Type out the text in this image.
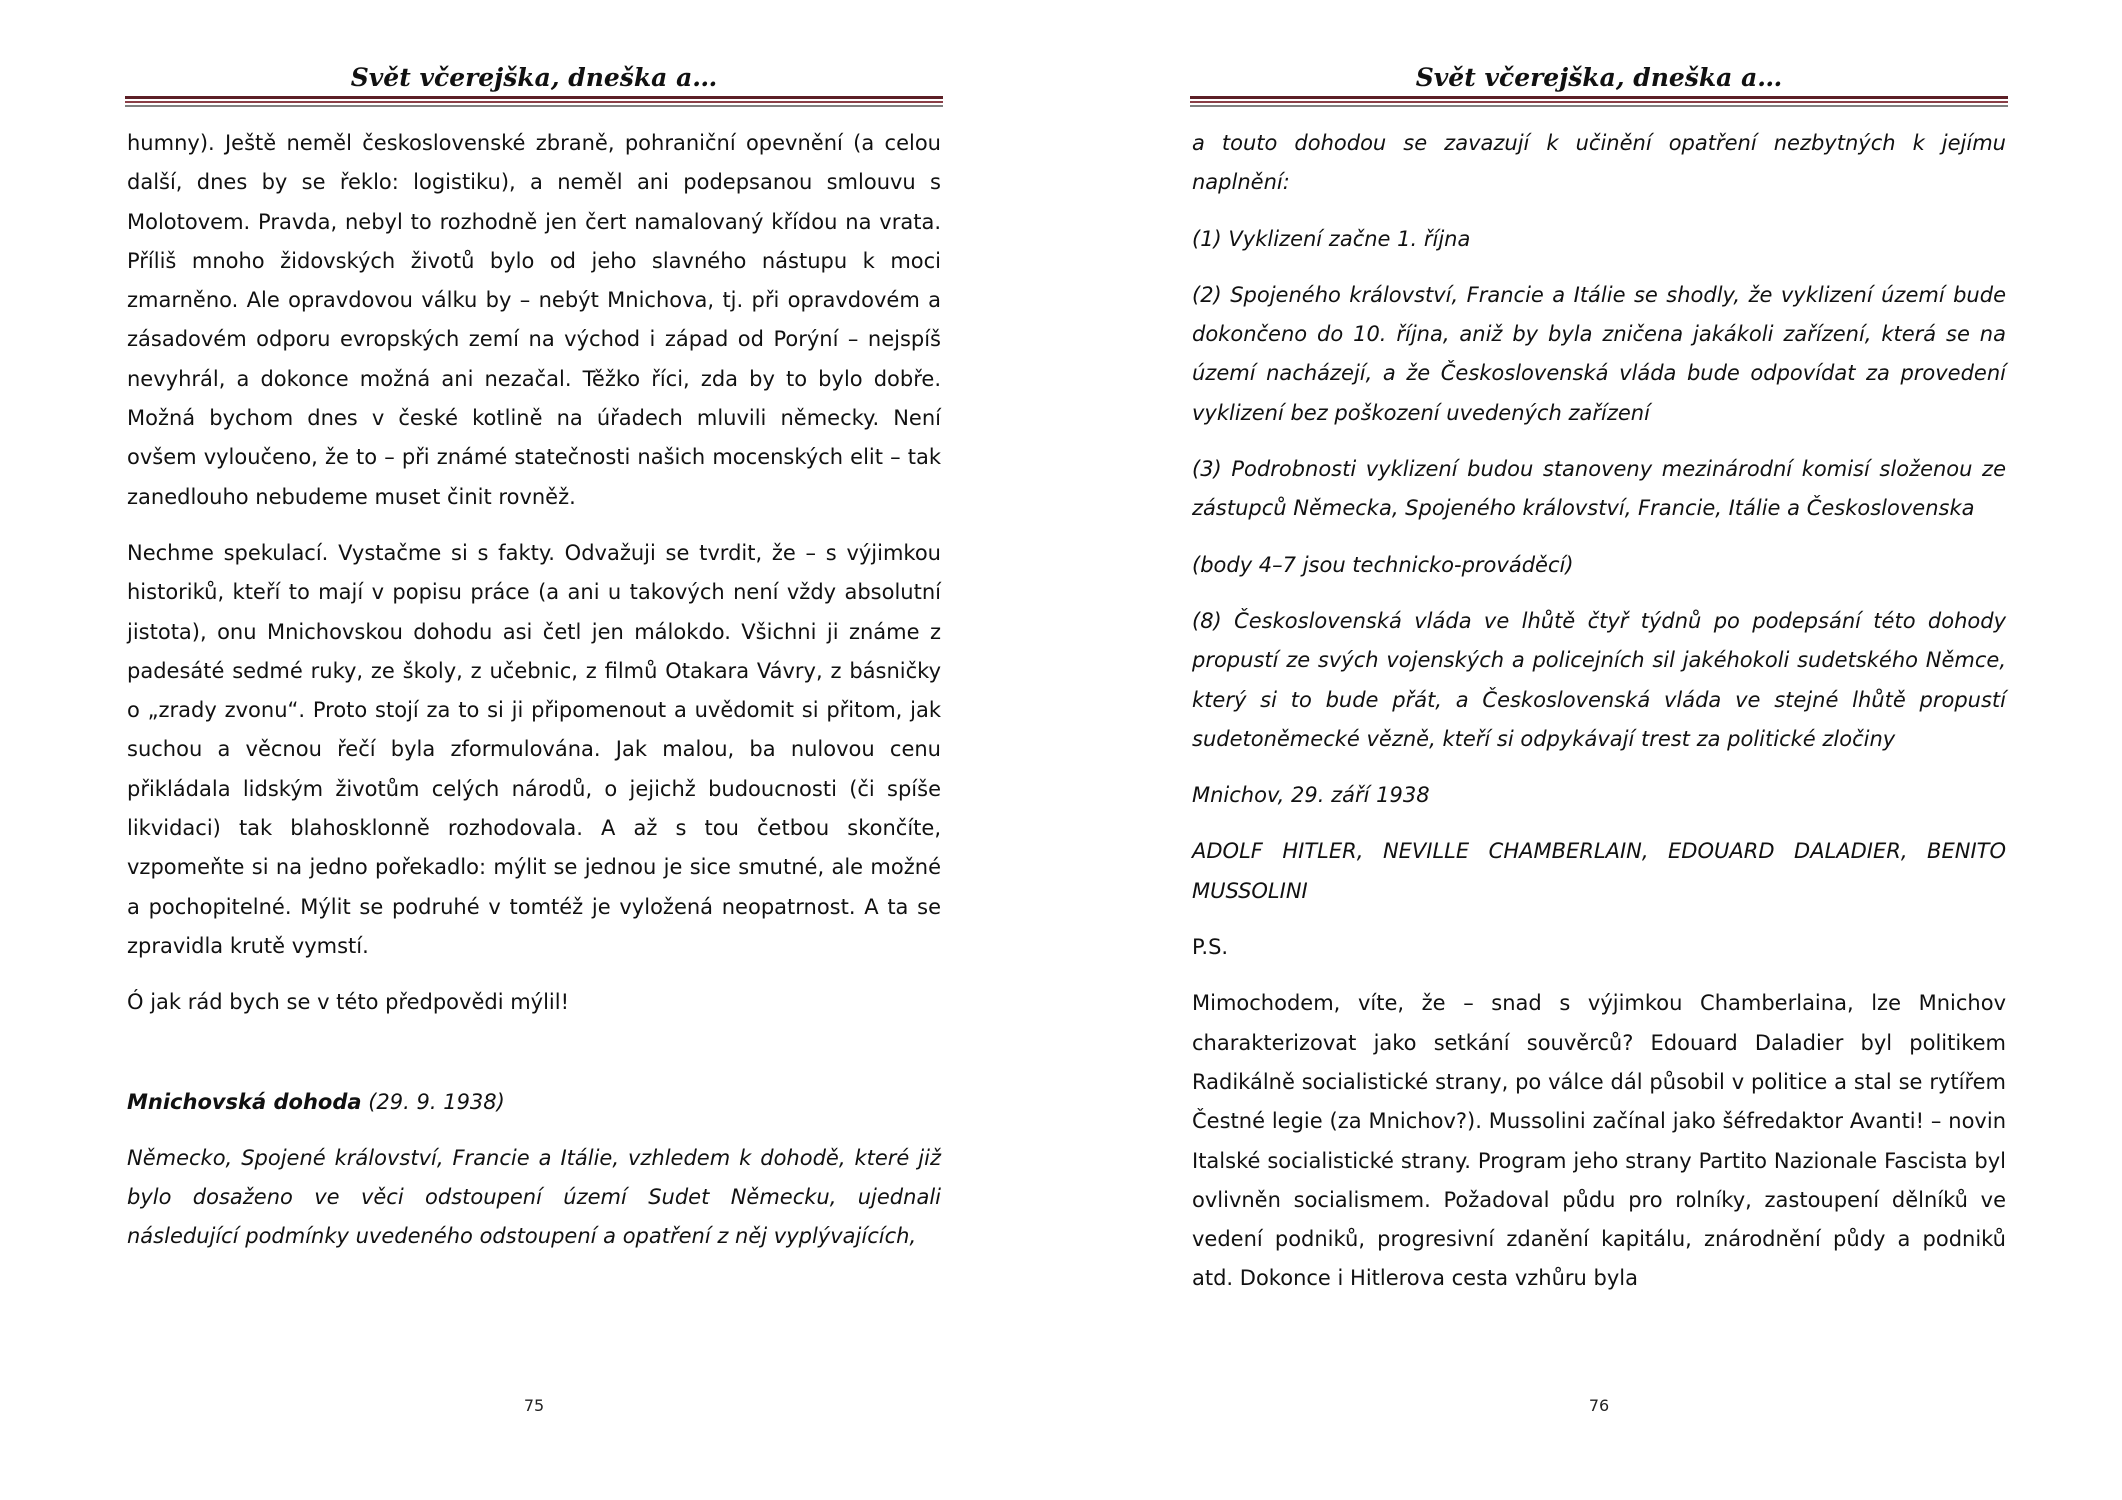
Svět včerejška, dneška a…

humny). Ještě neměl československé zbraně, pohraniční opevnění (a celou další, dnes by se řeklo: logistiku), a neměl ani podepsanou smlouvu s Molotovem. Pravda, nebyl to rozhodně jen čert namalovaný křídou na vrata. Příliš mnoho židovských životů bylo od jeho slavného nástupu k moci zmarněno. Ale opravdovou válku by – nebýt Mnichova, tj. při opravdovém a zásadovém odporu evropských zemí na východ i západ od Porýní – nejspíš nevyhrál, a dokonce možná ani nezačal. Těžko říci, zda by to bylo dobře. Možná bychom dnes v české kotlině na úřadech mluvili německy. Není ovšem vyloučeno, že to – při známé statečnosti našich mocenských elit – tak zanedlouho nebudeme muset činit rovněž.

Nechme spekulací. Vystačme si s fakty. Odvažuji se tvrdit, že – s výjimkou historiků, kteří to mají v popisu práce (a ani u takových není vždy absolutní jistota), onu Mnichovskou dohodu asi četl jen málokdo. Všichni ji známe z padesáté sedmé ruky, ze školy, z učebnic, z filmů Otakara Vávry, z básničky o „zrady zvonu“. Proto stojí za to si ji připomenout a uvědomit si přitom, jak suchou a věcnou řečí byla zformulována. Jak malou, ba nulovou cenu přikládala lidským životům celých národů, o jejichž budoucnosti (či spíše likvidaci) tak blahosklonně rozhodovala. A až s tou četbou skončíte, vzpomeňte si na jedno pořekadlo: mýlit se jednou je sice smutné, ale možné a pochopitelné. Mýlit se podruhé v tomtéž je vyložená neopatrnost. A ta se zpravidla krutě vymstí.

Ó jak rád bych se v této předpovědi mýlil!

Mnichovská dohoda (29. 9. 1938)

Německo, Spojené království, Francie a Itálie, vzhledem k dohodě, které již bylo dosaženo ve věci odstoupení území Sudet Německu, ujednali následující podmínky uvedeného odstoupení a opatření z něj vyplývajících,

75
Svět včerejška, dneška a…

a touto dohodou se zavazují k učinění opatření nezbytných k jejímu naplnění:

(1) Vyklizení začne 1. října

(2) Spojeného království, Francie a Itálie se shodly, že vyklizení území bude dokončeno do 10. října, aniž by byla zničena jakákoli zařízení, která se na území nacházejí, a že Československá vláda bude odpovídat za provedení vyklizení bez poškození uvedených zařízení

(3) Podrobnosti vyklizení budou stanoveny mezinárodní komisí složenou ze zástupců Německa, Spojeného království, Francie, Itálie a Československa

(body 4–7 jsou technicko-prováděcí)

(8) Československá vláda ve lhůtě čtyř týdnů po podepsání této dohody propustí ze svých vojenských a policejních sil jakéhokoli sudetského Němce, který si to bude přát, a Československá vláda ve stejné lhůtě propustí sudetoněmecké vězně, kteří si odpykávají trest za politické zločiny

Mnichov, 29. září 1938

ADOLF HITLER, NEVILLE CHAMBERLAIN, EDOUARD DALADIER, BENITO MUSSOLINI

P.S.

Mimochodem, víte, že – snad s výjimkou Chamberlaina, lze Mnichov charakterizovat jako setkání souvěrců? Edouard Daladier byl politikem Radikálně socialistické strany, po válce dál působil v politice a stal se rytířem Čestné legie (za Mnichov?). Mussolini začínal jako šéfredaktor Avanti! – novin Italské socialistické strany. Program jeho strany Partito Nazionale Fascista byl ovlivněn socialismem. Požadoval půdu pro rolníky, zastoupení dělníků ve vedení podniků, progresivní zdanění kapitálu, znárodnění půdy a podniků atd. Dokonce i Hitlerova cesta vzhůru byla

76
